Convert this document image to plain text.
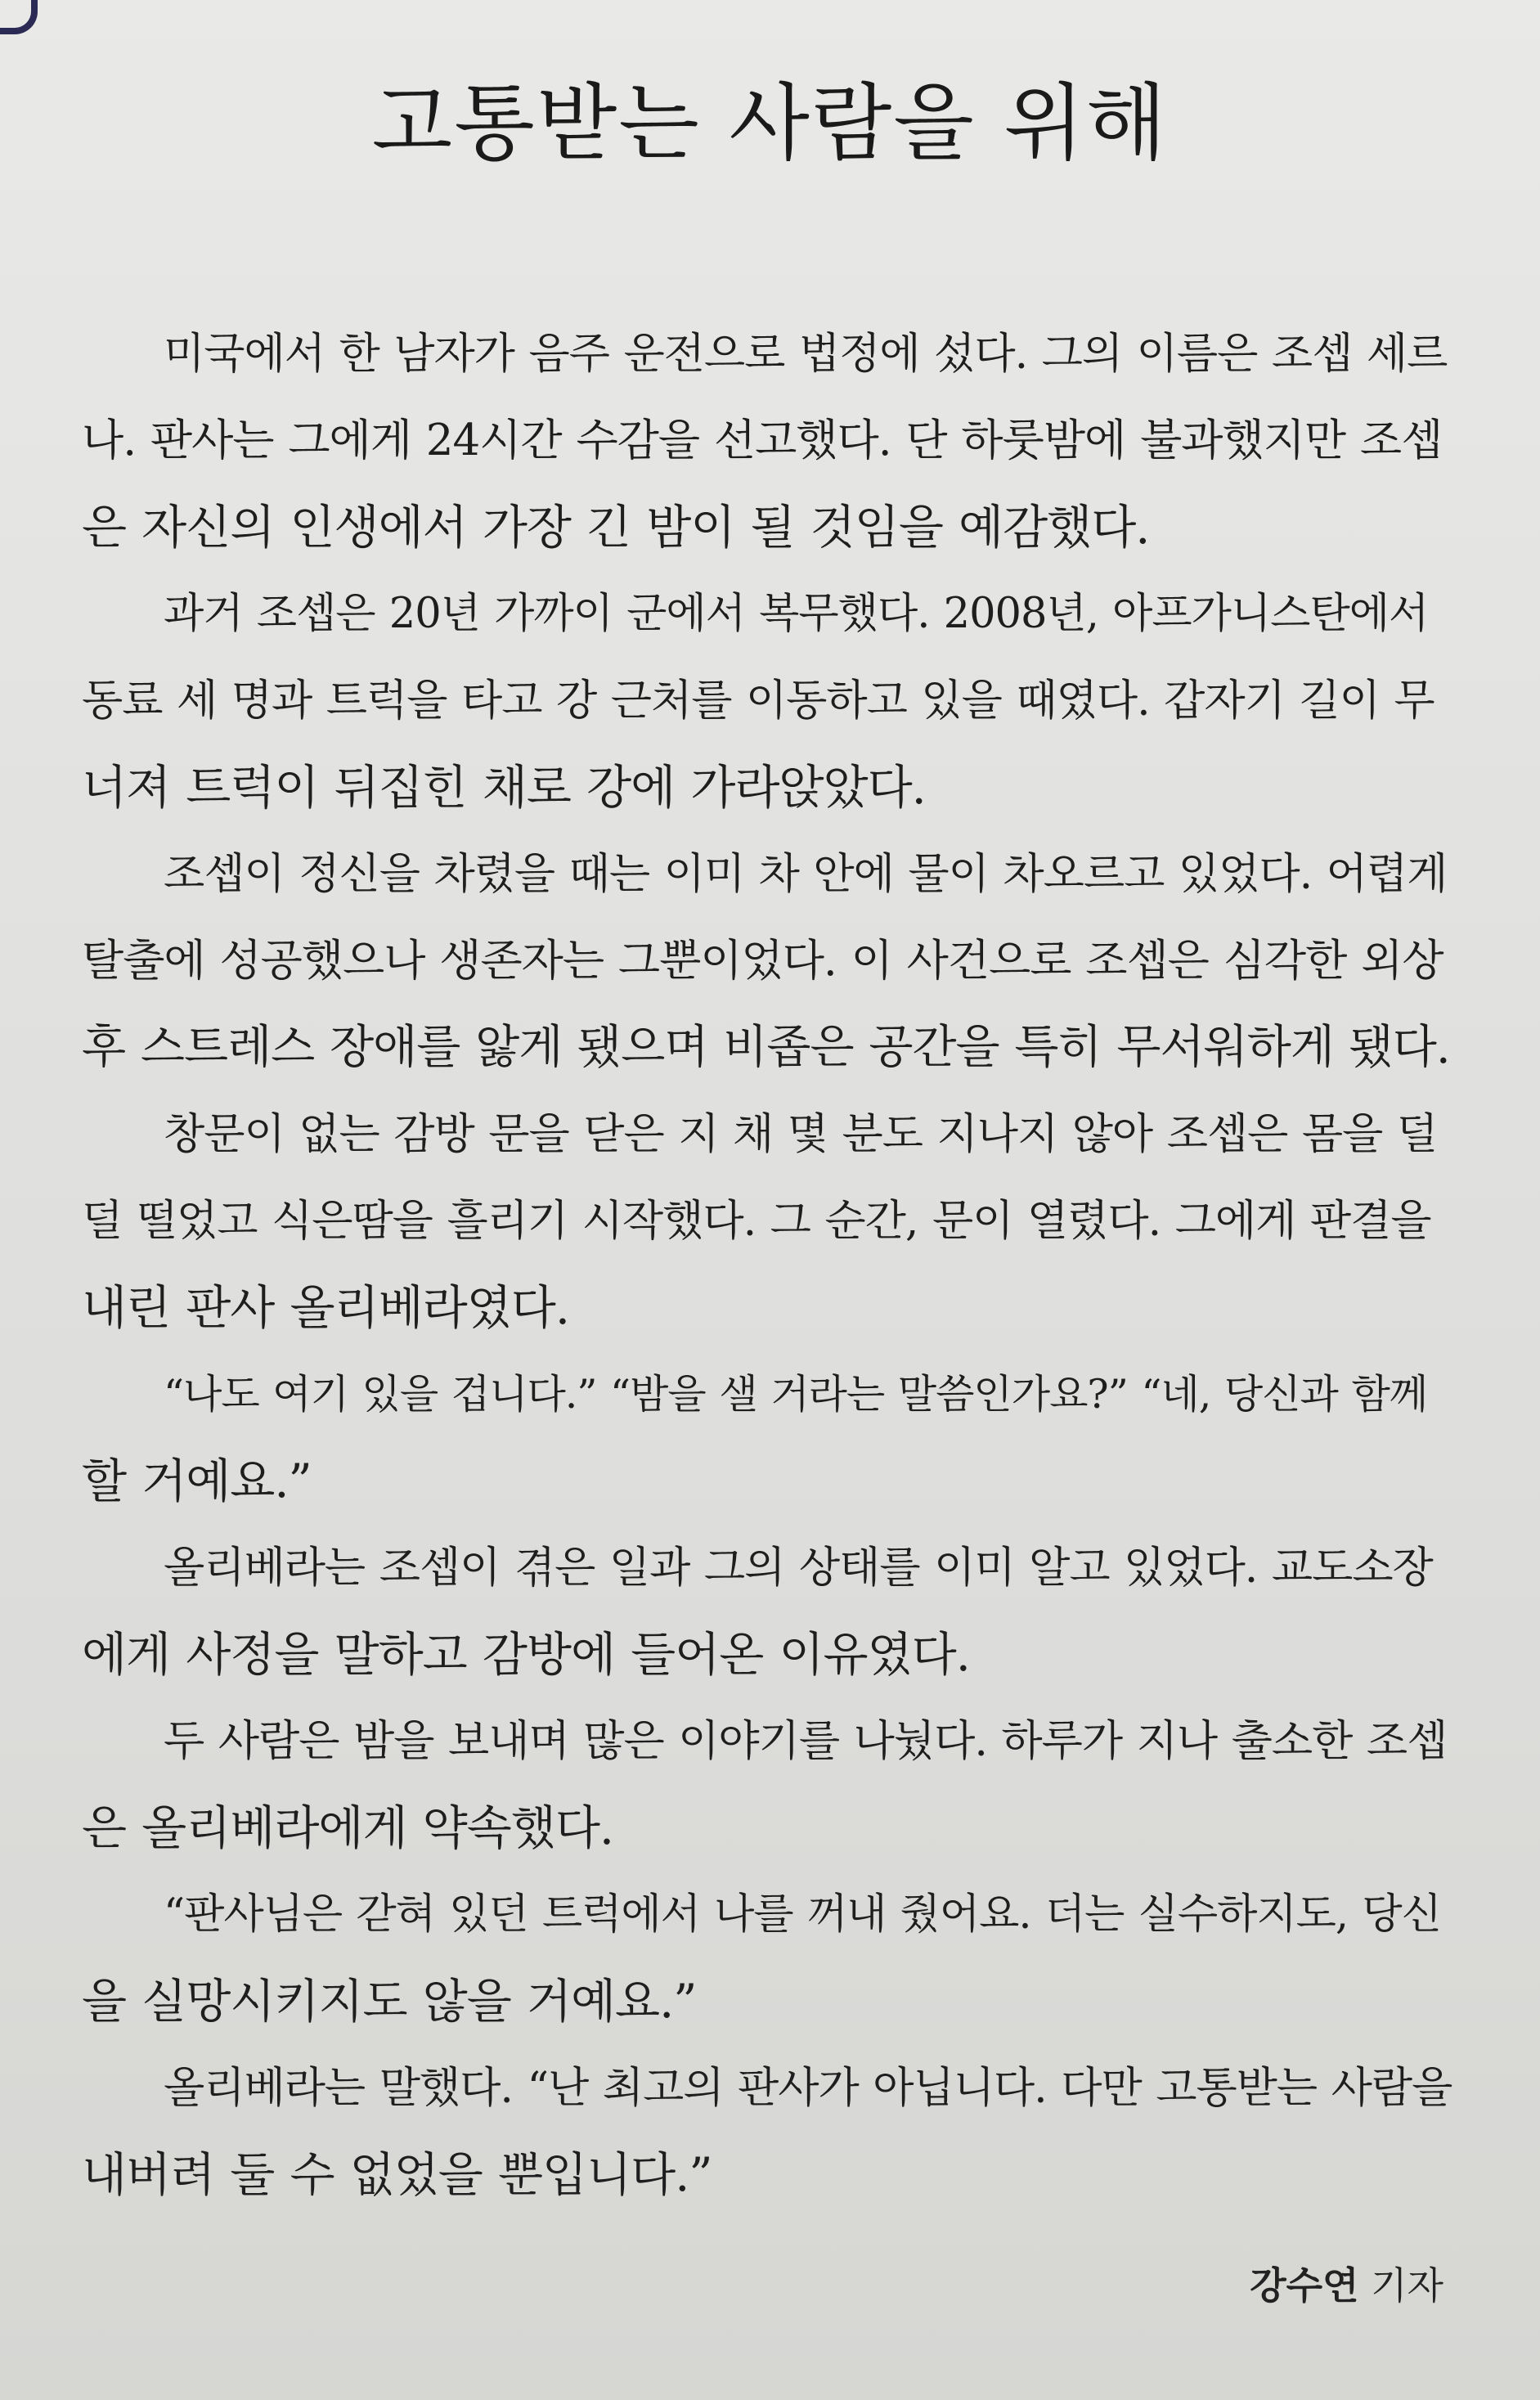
고통받는 사람을 위해

미국에서 한 남자가 음주 운전으로 법정에 섰다. 그의 이름은 조셉 세르
나. 판사는 그에게 24시간 수감을 선고했다. 단 하룻밤에 불과했지만 조셉
은 자신의 인생에서 가장 긴 밤이 될 것임을 예감했다.

과거 조셉은 20년 가까이 군에서 복무했다. 2008년, 아프가니스탄에서
동료 세 명과 트럭을 타고 강 근처를 이동하고 있을 때였다. 갑자기 길이 무
너져 트럭이 뒤집힌 채로 강에 가라앉았다.

조셉이 정신을 차렸을 때는 이미 차 안에 물이 차오르고 있었다. 어렵게
탈출에 성공했으나 생존자는 그뿐이었다. 이 사건으로 조셉은 심각한 외상
후 스트레스 장애를 앓게 됐으며 비좁은 공간을 특히 무서워하게 됐다.

창문이 없는 감방 문을 닫은 지 채 몇 분도 지나지 않아 조셉은 몸을 덜
덜 떨었고 식은땀을 흘리기 시작했다. 그 순간, 문이 열렸다. 그에게 판결을
내린 판사 올리베라였다.

“나도 여기 있을 겁니다.” “밤을 샐 거라는 말씀인가요?” “네, 당신과 함께
할 거예요.”

올리베라는 조셉이 겪은 일과 그의 상태를 이미 알고 있었다. 교도소장
에게 사정을 말하고 감방에 들어온 이유였다.

두 사람은 밤을 보내며 많은 이야기를 나눴다. 하루가 지나 출소한 조셉
은 올리베라에게 약속했다.

“판사님은 갇혀 있던 트럭에서 나를 꺼내 줬어요. 더는 실수하지도, 당신
을 실망시키지도 않을 거예요.”

올리베라는 말했다. “난 최고의 판사가 아닙니다. 다만 고통받는 사람을
내버려 둘 수 없었을 뿐입니다.”

강수연 기자
